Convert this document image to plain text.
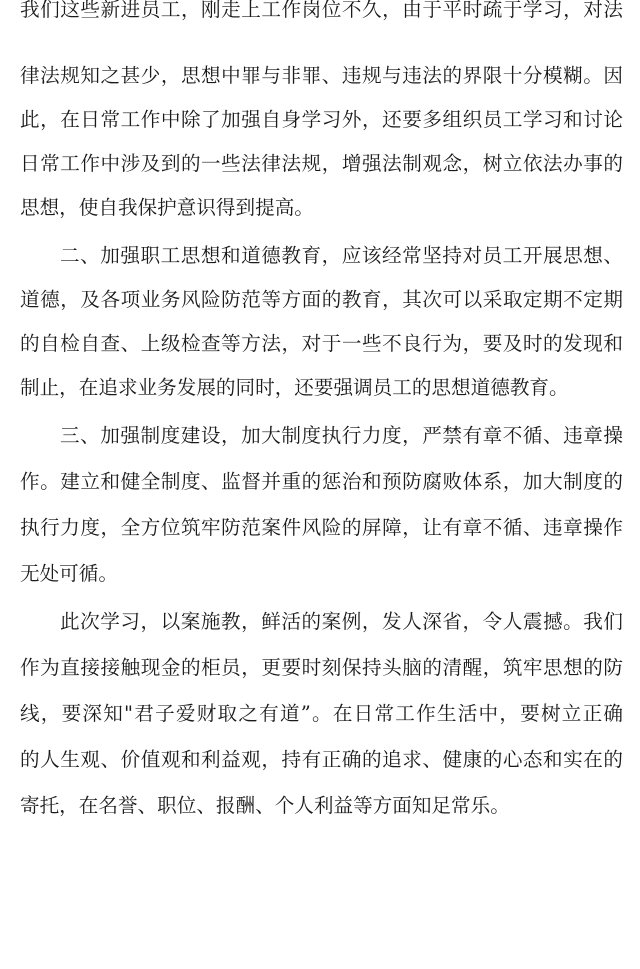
我们这些新进员工，刚走上工作岗位不久，由于平时疏于学习，对法
律法规知之甚少，思想中罪与非罪、违规与违法的界限十分模糊。因
此，在日常工作中除了加强自身学习外，还要多组织员工学习和讨论
日常工作中涉及到的一些法律法规，增强法制观念，树立依法办事的
思想，使自我保护意识得到提高。
二、加强职工思想和道德教育，应该经常坚持对员工开展思想、
道德，及各项业务风险防范等方面的教育，其次可以采取定期不定期
的自检自查、上级检查等方法，对于一些不良行为，要及时的发现和
制止，在追求业务发展的同时，还要强调员工的思想道德教育。
三、加强制度建设，加大制度执行力度，严禁有章不循、违章操
作。建立和健全制度、监督并重的惩治和预防腐败体系，加大制度的
执行力度，全方位筑牢防范案件风险的屏障，让有章不循、违章操作
无处可循。
此次学习，以案施教，鲜活的案例，发人深省，令人震撼。我们
作为直接接触现金的柜员，更要时刻保持头脑的清醒，筑牢思想的防
线，要深知"君子爱财取之有道”。在日常工作生活中，要树立正确
的人生观、价值观和利益观，持有正确的追求、健康的心态和实在的
寄托，在名誉、职位、报酬、个人利益等方面知足常乐。
